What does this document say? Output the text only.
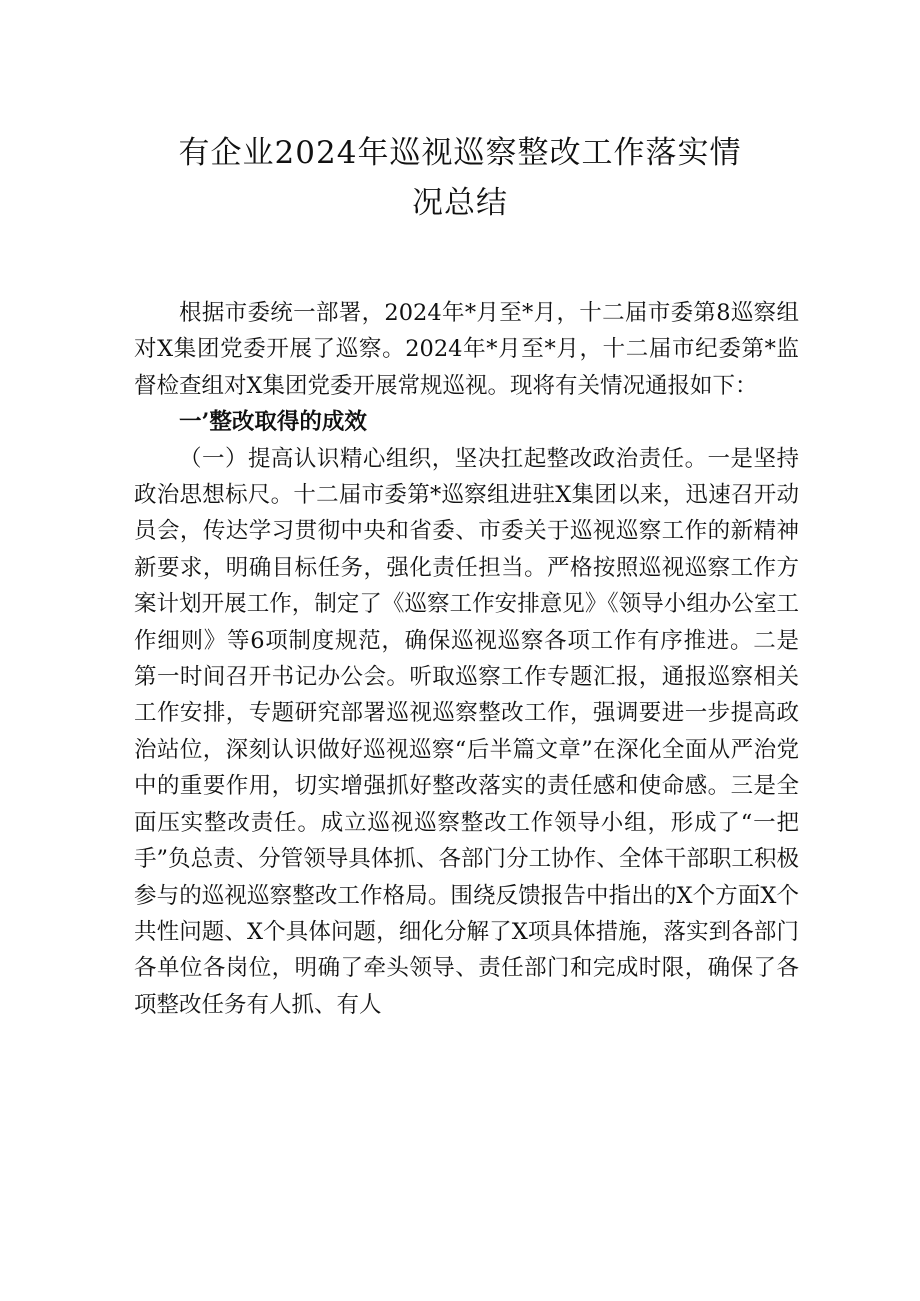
有企业2024年巡视巡察整改工作落实情
况总结

根据市委统一部署，2024年*月至*月，十二届市委第8巡察组对X集团党委开展了巡察。2024年*月至*月，十二届市纪委第*监督检查组对X集团党委开展常规巡视。现将有关情况通报如下：

一’整改取得的成效

（一）提高认识精心组织，坚决扛起整改政治责任。一是坚持政治思想标尺。十二届市委第*巡察组进驻X集团以来，迅速召开动员会，传达学习贯彻中央和省委、市委关于巡视巡察工作的新精神新要求，明确目标任务，强化责任担当。严格按照巡视巡察工作方案计划开展工作，制定了《巡察工作安排意见》《领导小组办公室工作细则》等6项制度规范，确保巡视巡察各项工作有序推进。二是第一时间召开书记办公会。听取巡察工作专题汇报，通报巡察相关工作安排，专题研究部署巡视巡察整改工作，强调要进一步提高政治站位，深刻认识做好巡视巡察“后半篇文章”在深化全面从严治党中的重要作用，切实增强抓好整改落实的责任感和使命感。三是全面压实整改责任。成立巡视巡察整改工作领导小组，形成了“一把手”负总责、分管领导具体抓、各部门分工协作、全体干部职工积极参与的巡视巡察整改工作格局。围绕反馈报告中指出的X个方面X个共性问题、X个具体问题，细化分解了X项具体措施，落实到各部门各单位各岗位，明确了牵头领导、责任部门和完成时限，确保了各项整改任务有人抓、有人
